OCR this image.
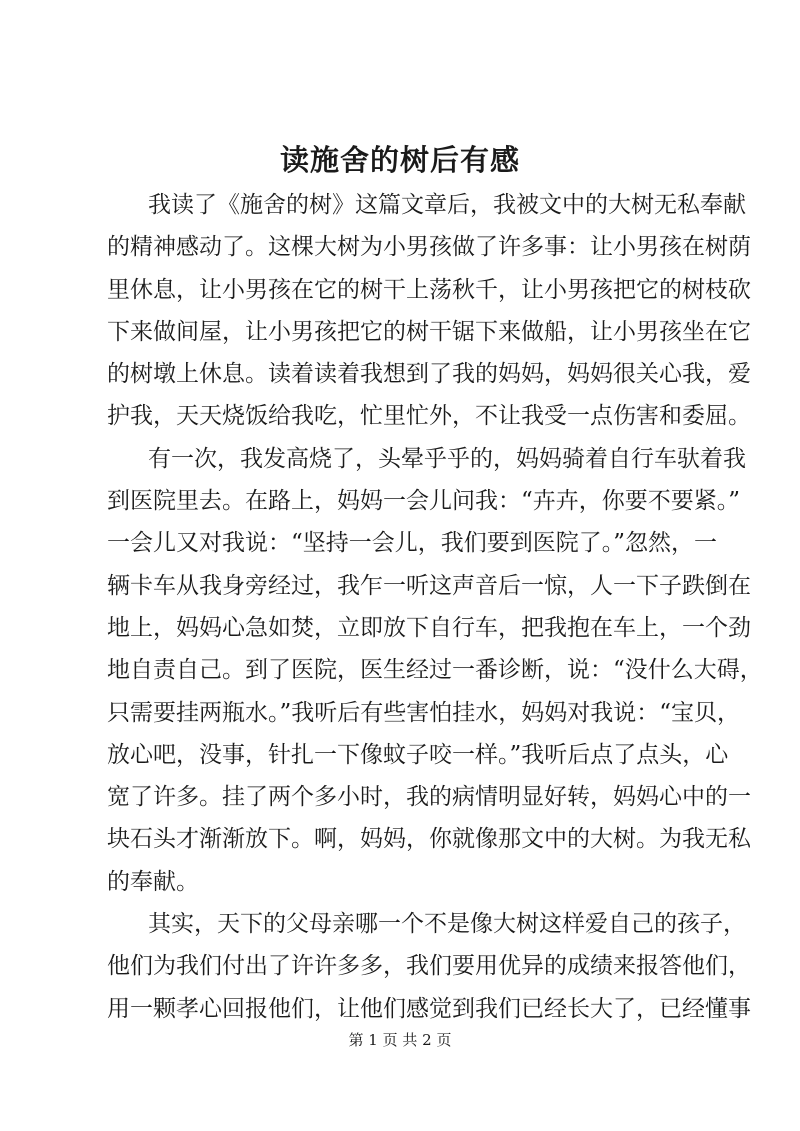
读施舍的树后有感
我读了《施舍的树》这篇文章后，我被文中的大树无私奉献
的精神感动了。这棵大树为小男孩做了许多事：让小男孩在树荫
里休息，让小男孩在它的树干上荡秋千，让小男孩把它的树枝砍
下来做间屋，让小男孩把它的树干锯下来做船，让小男孩坐在它
的树墩上休息。读着读着我想到了我的妈妈，妈妈很关心我，爱
护我，天天烧饭给我吃，忙里忙外，不让我受一点伤害和委屈。
有一次，我发高烧了，头晕乎乎的，妈妈骑着自行车驮着我
到医院里去。在路上，妈妈一会儿问我：“卉卉，你要不要紧。”
一会儿又对我说：“坚持一会儿，我们要到医院了。”忽然，一
辆卡车从我身旁经过，我乍一听这声音后一惊，人一下子跌倒在
地上，妈妈心急如焚，立即放下自行车，把我抱在车上，一个劲
地自责自己。到了医院，医生经过一番诊断，说：“没什么大碍，
只需要挂两瓶水。”我听后有些害怕挂水，妈妈对我说：“宝贝，
放心吧，没事，针扎一下像蚊子咬一样。”我听后点了点头，心
宽了许多。挂了两个多小时，我的病情明显好转，妈妈心中的一
块石头才渐渐放下。啊，妈妈，你就像那文中的大树。为我无私
的奉献。
其实，天下的父母亲哪一个不是像大树这样爱自己的孩子，
他们为我们付出了许许多多，我们要用优异的成绩来报答他们，
用一颗孝心回报他们，让他们感觉到我们已经长大了，已经懂事
第 1 页 共 2 页
